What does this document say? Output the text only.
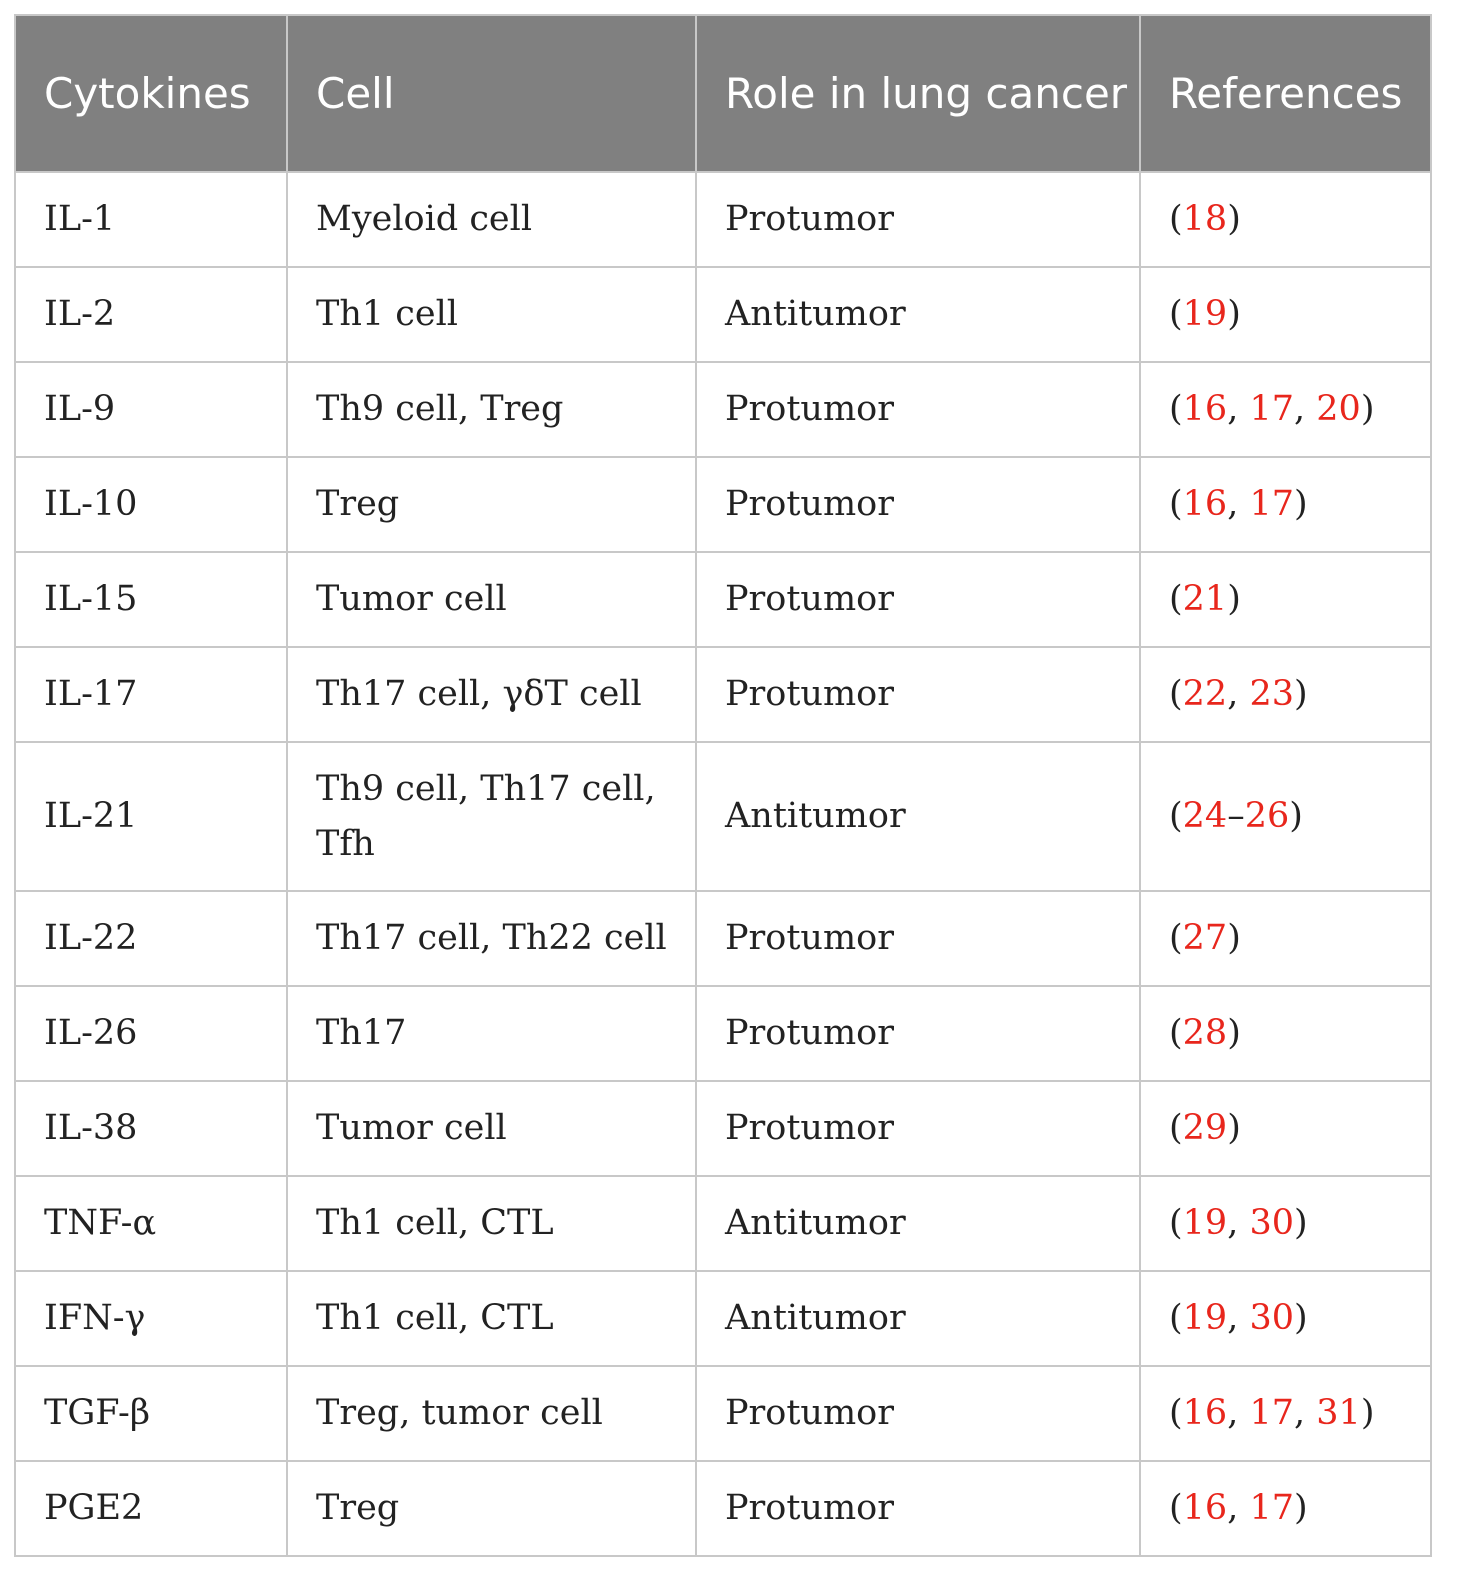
Cytokines	Cell	Role in lung cancer	References
IL-1	Myeloid cell	Protumor	(18)
IL-2	Th1 cell	Antitumor	(19)
IL-9	Th9 cell, Treg	Protumor	(16, 17, 20)
IL-10	Treg	Protumor	(16, 17)
IL-15	Tumor cell	Protumor	(21)
IL-17	Th17 cell, γδT cell	Protumor	(22, 23)
IL-21	Th9 cell, Th17 cell, Tfh	Antitumor	(24–26)
IL-22	Th17 cell, Th22 cell	Protumor	(27)
IL-26	Th17	Protumor	(28)
IL-38	Tumor cell	Protumor	(29)
TNF-α	Th1 cell, CTL	Antitumor	(19, 30)
IFN-γ	Th1 cell, CTL	Antitumor	(19, 30)
TGF-β	Treg, tumor cell	Protumor	(16, 17, 31)
PGE2	Treg	Protumor	(16, 17)
